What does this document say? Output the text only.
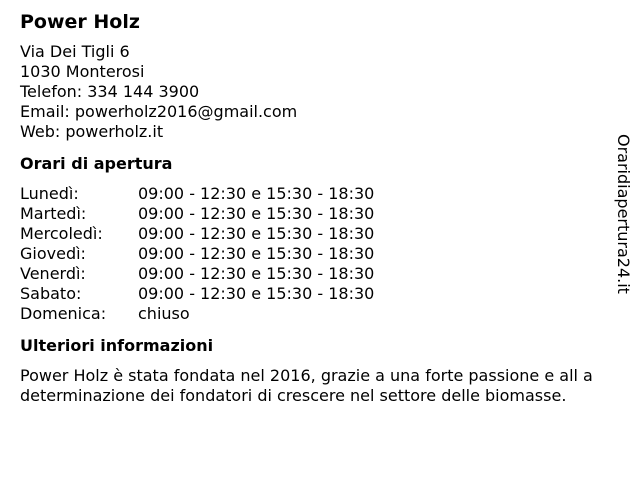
Power Holz
Via Dei Tigli 6
1030 Monterosi
Telefon: 334 144 3900
Email: powerholz2016@gmail.com
Web: powerholz.it
Orari di apertura
Lunedì:	09:00 - 12:30 e 15:30 - 18:30
Martedì:	09:00 - 12:30 e 15:30 - 18:30
Mercoledì:	09:00 - 12:30 e 15:30 - 18:30
Giovedì:	09:00 - 12:30 e 15:30 - 18:30
Venerdì:	09:00 - 12:30 e 15:30 - 18:30
Sabato:	09:00 - 12:30 e 15:30 - 18:30
Domenica:	chiuso
Ulteriori informazioni
Power Holz è stata fondata nel 2016, grazie a una forte passione e all a determinazione dei fondatori di crescere nel settore delle biomasse.
Oraridiapertura24.it
